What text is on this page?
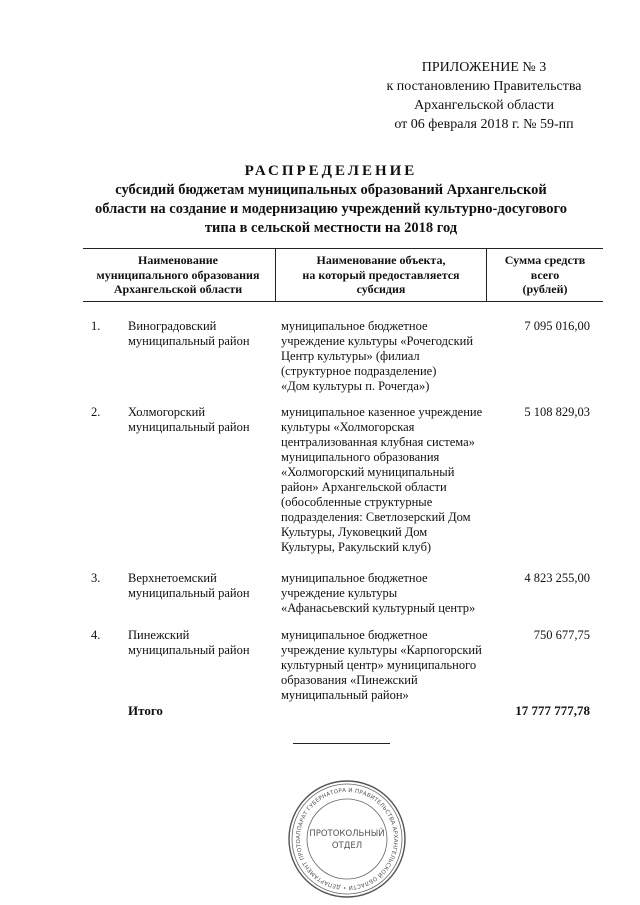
ПРИЛОЖЕНИЕ № 3
к постановлению Правительства
Архангельской области
от 06 февраля 2018 г. № 59-пп
РАСПРЕДЕЛЕНИЕ
субсидий бюджетам муниципальных образований Архангельской
области на создание и модернизацию учреждений культурно-досугового
типа в сельской местности на 2018 год
Наименование
муниципального образования
Архангельской области
Наименование объекта,
на который предоставляется
субсидия
Сумма средств
всего
(рублей)
1. Виноградовский
муниципальный район
муниципальное бюджетное
учреждение культуры «Рочегодский
Центр культуры» (филиал
(структурное подразделение)
«Дом культуры п. Рочегда»)
7 095 016,00
2. Холмогорский
муниципальный район
муниципальное казенное учреждение
культуры «Холмогорская
централизованная клубная система»
муниципального образования
«Холмогорский муниципальный
район» Архангельской области
(обособленные структурные
подразделения: Светлозерский Дом
Культуры, Луковецкий Дом
Культуры, Ракульский клуб)
5 108 829,03
3. Верхнетоемский
муниципальный район
муниципальное бюджетное
учреждение культуры
«Афанасьевский культурный центр»
4 823 255,00
4. Пинежский
муниципальный район
муниципальное бюджетное
учреждение культуры «Карпогорский
культурный центр» муниципального
образования «Пинежский
муниципальный район»
750 677,75
Итого	17 777 777,78
АППАРАТ ГУБЕРНАТОРА И ПРАВИТЕЛЬСТВА АРХАНГЕЛЬСКОЙ ОБЛАСТИ • ДЕПАРТАМЕНТ ПРОТО
ПРОТОКОЛЬНЫЙ
ОТДЕЛ
